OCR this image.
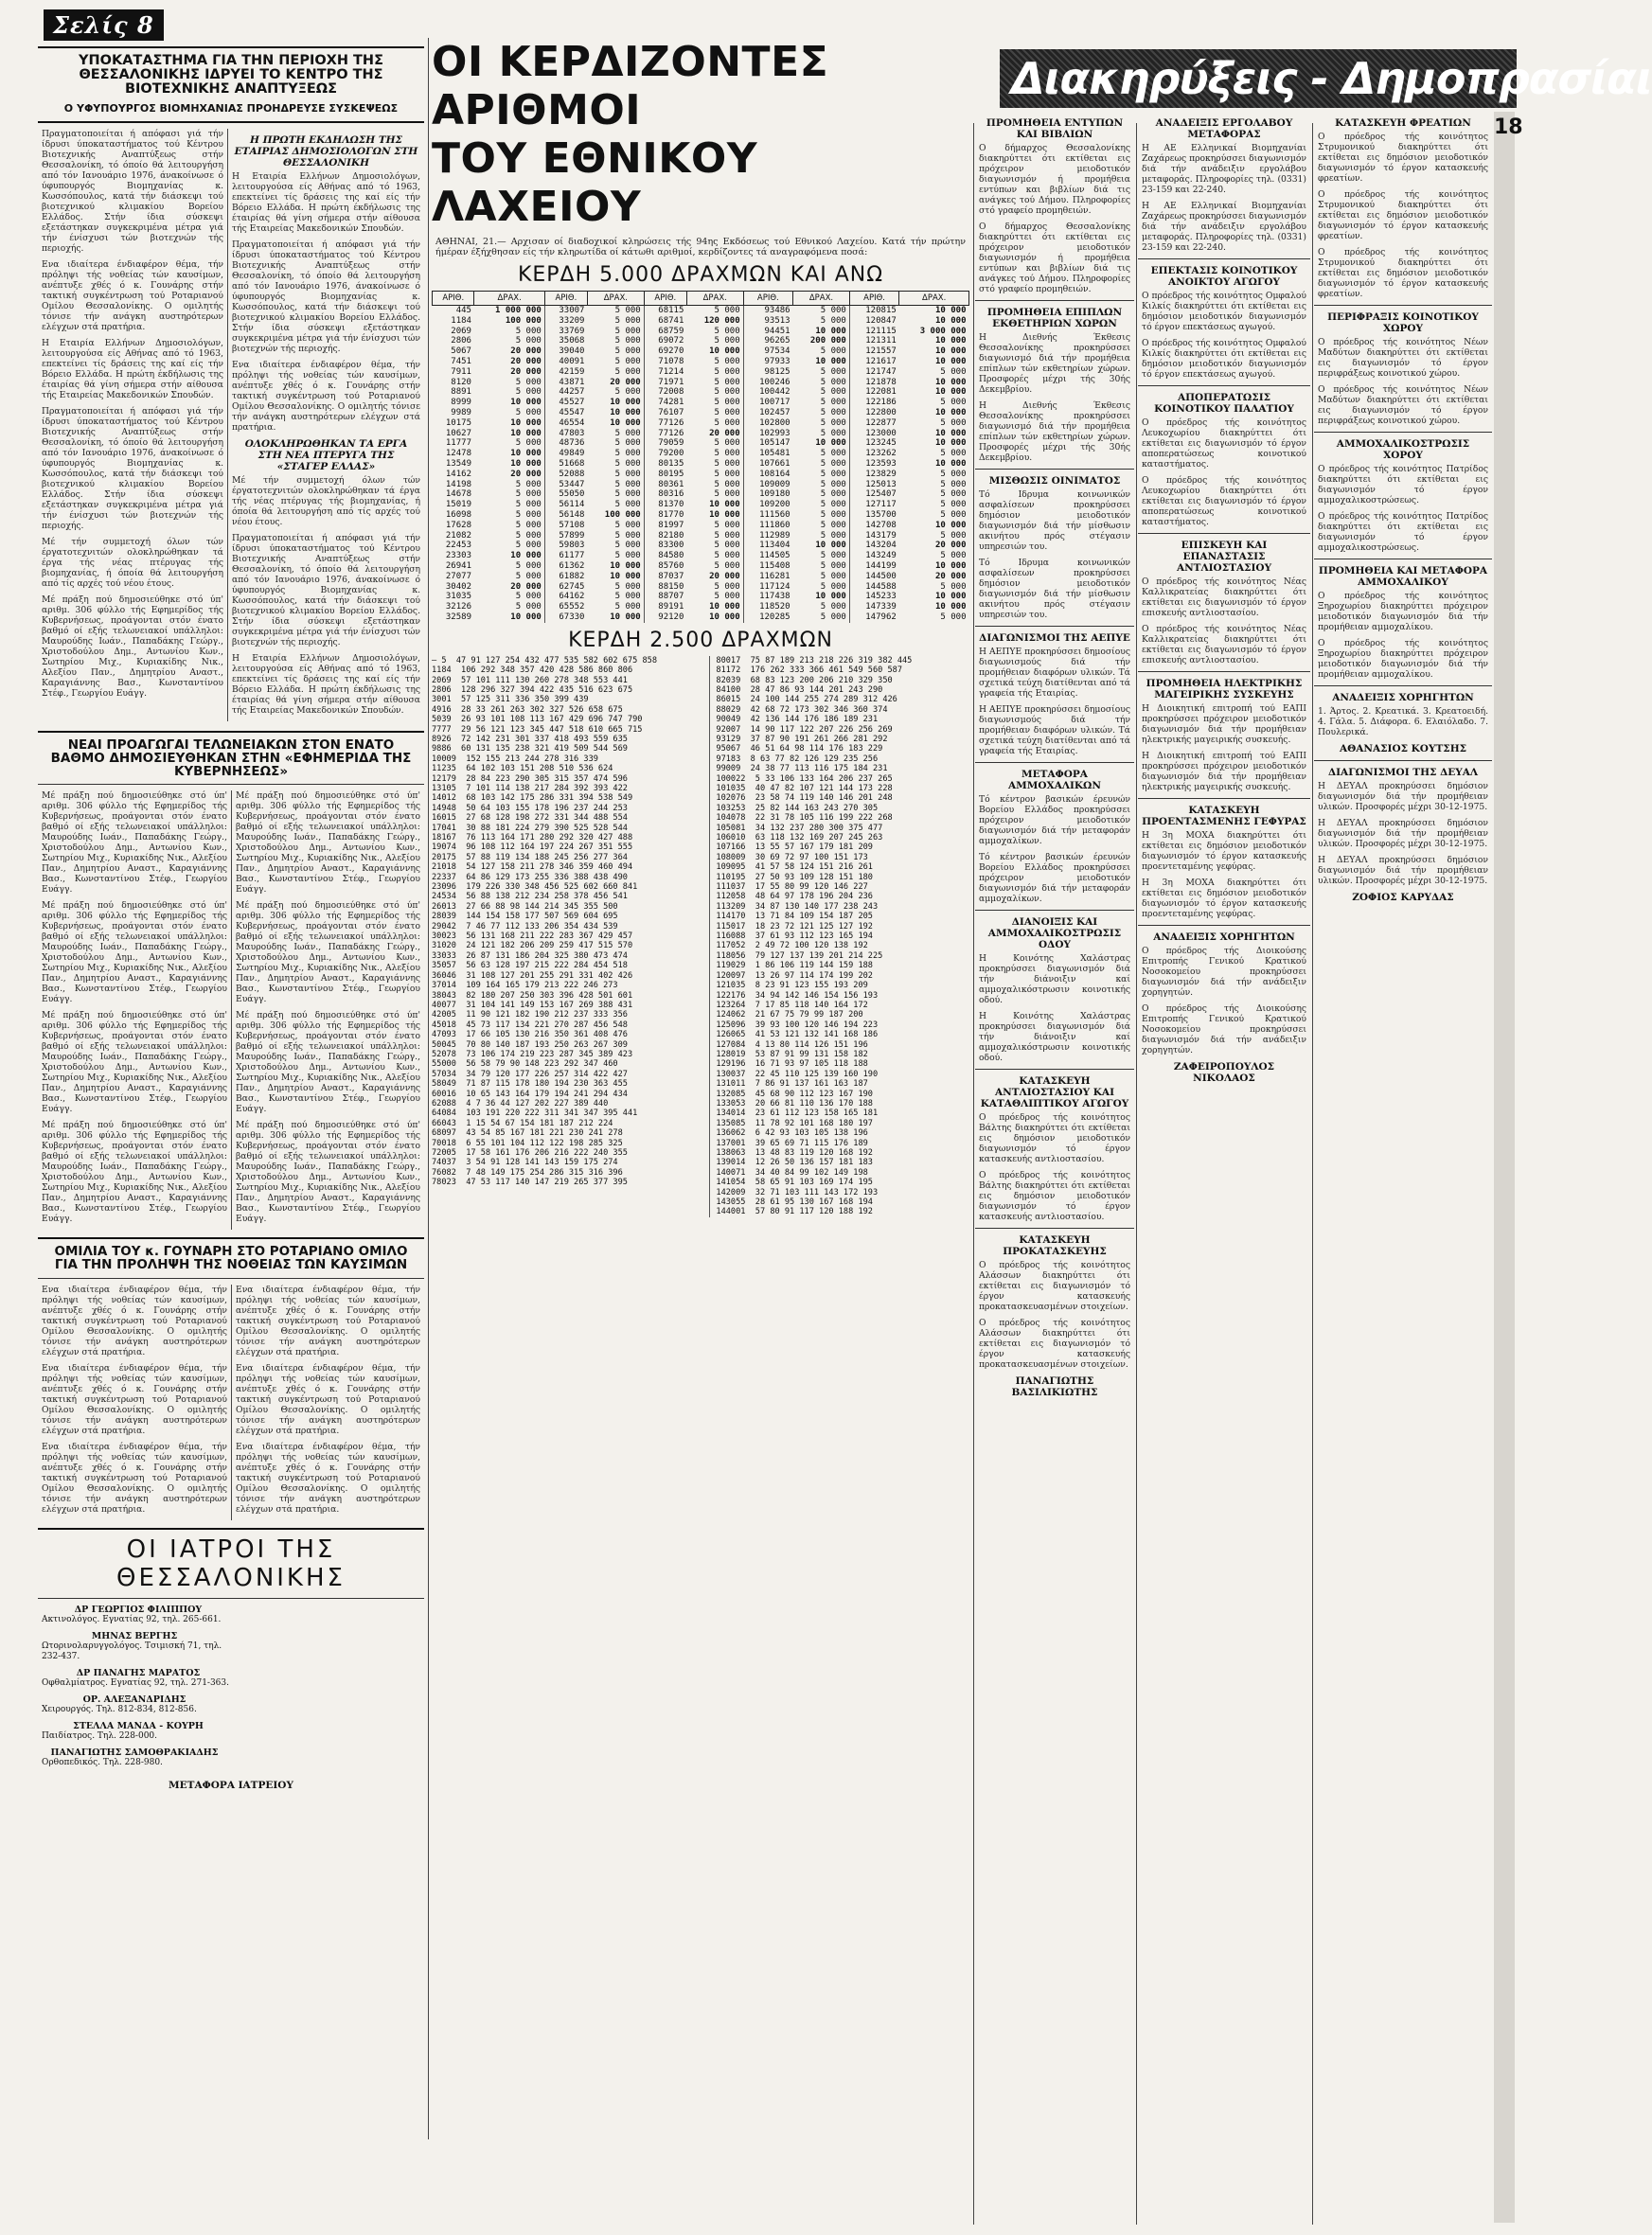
Σελίς 8
ΥΠΟΚΑΤΑΣΤΗΜΑ ΓΙΑ ΤΗΝ ΠΕΡΙΟΧΗ ΤΗΣ ΘΕΣΣΑΛΟΝΙΚΗΣ ΙΔΡΥΕΙ ΤΟ ΚΕΝΤΡΟ ΤΗΣ ΒΙΟΤΕΧΝΙΚΗΣ ΑΝΑΠΤΥΞΕΩΣ
Ο ΥΦΥΠΟΥΡΓΟΣ ΒΙΟΜΗΧΑΝΙΑΣ ΠΡΟΗΔΡΕΥΣΕ ΣΥΣΚΕΨΕΩΣ
Πραγματοποιείται ή απόφασι γιά τήν ίδρυσι ύποκαταστήματος τού Κέντρου Βιοτεχνικής Αναπτύξεως στήν Θεσσαλονίκη, τό όποίο θά λειτουργήση από τόν Ιανουάριο 1976, άνακοίνωσε ό ύφυπουργός Βιομηχανίας κ. Κωσσόπουλος, κατά τήν διάσκεψι τού βιοτεχνικού κλιμακίου Βορείου Ελλάδος. Στήν ίδια σύσκεψι εξετάστηκαν συγκεκριμένα μέτρα γιά τήν ένίσχυσι τών βιοτεχνών τής περιοχής.
Ενα ιδιαίτερα ένδιαφέρον θέμα, τήν πρόληψι τής νοθείας τών καυσίμων, ανέπτυξε χθές ό κ. Γουνάρης στήν τακτική συγκέντρωση τού Ροταριανού Ομίλου Θεσσαλονίκης. Ο ομιλητής τόνισε τήν ανάγκη αυστηρότερων ελέγχων στά πρατήρια.
Η Εταιρία Ελλήνων Δημοσιολόγων, λειτουργούσα είς Αθήνας από τό 1963, επεκτείνει τίς δράσεις της καί είς τήν Βόρειο Ελλάδα. Η πρώτη έκδήλωσις της έταιρίας θά γίνη σήμερα στήν αίθουσα τής Εταιρείας Μακεδονικών Σπουδών.
Πραγματοποιείται ή απόφασι γιά τήν ίδρυσι ύποκαταστήματος τού Κέντρου Βιοτεχνικής Αναπτύξεως στήν Θεσσαλονίκη, τό όποίο θά λειτουργήση από τόν Ιανουάριο 1976, άνακοίνωσε ό ύφυπουργός Βιομηχανίας κ. Κωσσόπουλος, κατά τήν διάσκεψι τού βιοτεχνικού κλιμακίου Βορείου Ελλάδος. Στήν ίδια σύσκεψι εξετάστηκαν συγκεκριμένα μέτρα γιά τήν ένίσχυσι τών βιοτεχνών τής περιοχής.
Μέ τήν συμμετοχή όλων τών έργατοτεχνιτών ολοκληρώθηκαν τά έργα τής νέας πτέρυγας τής βιομηχανίας, ή όποία θά λειτουργήση από τίς αρχές τού νέου έτους.
Μέ πράξη πού δημοσιεύθηκε στό ύπ' αριθμ. 306 φύλλο τής Εφημερίδος τής Κυβερνήσεως, προάγονται στόν ένατο βαθμό οί εξής τελωνειακοί υπάλληλοι: Μαυρούδης Ιωάν., Παπαδάκης Γεώργ., Χριστοδούλου Δημ., Αντωνίου Κων., Σωτηρίου Μιχ., Κυριακίδης Νικ., Αλεξίου Παν., Δημητρίου Αναστ., Καραγιάννης Βασ., Κωνσταντίνου Στέφ., Γεωργίου Ευάγγ.
Η ΠΡΩΤΗ ΕΚΔΗΛΩΣΗ ΤΗΣ ΕΤΑΙΡΙΑΣ ΔΗΜΟΣΙΟΛΟΓΩΝ ΣΤΗ ΘΕΣΣΑΛΟΝΙΚΗ
Η Εταιρία Ελλήνων Δημοσιολόγων, λειτουργούσα είς Αθήνας από τό 1963, επεκτείνει τίς δράσεις της καί είς τήν Βόρειο Ελλάδα. Η πρώτη έκδήλωσις της έταιρίας θά γίνη σήμερα στήν αίθουσα τής Εταιρείας Μακεδονικών Σπουδών.
Πραγματοποιείται ή απόφασι γιά τήν ίδρυσι ύποκαταστήματος τού Κέντρου Βιοτεχνικής Αναπτύξεως στήν Θεσσαλονίκη, τό όποίο θά λειτουργήση από τόν Ιανουάριο 1976, άνακοίνωσε ό ύφυπουργός Βιομηχανίας κ. Κωσσόπουλος, κατά τήν διάσκεψι τού βιοτεχνικού κλιμακίου Βορείου Ελλάδος. Στήν ίδια σύσκεψι εξετάστηκαν συγκεκριμένα μέτρα γιά τήν ένίσχυσι τών βιοτεχνών τής περιοχής.
Ενα ιδιαίτερα ένδιαφέρον θέμα, τήν πρόληψι τής νοθείας τών καυσίμων, ανέπτυξε χθές ό κ. Γουνάρης στήν τακτική συγκέντρωση τού Ροταριανού Ομίλου Θεσσαλονίκης. Ο ομιλητής τόνισε τήν ανάγκη αυστηρότερων ελέγχων στά πρατήρια.
ΟΛΟΚΛΗΡΩΘΗΚΑΝ ΤΑ ΕΡΓΑ ΣΤΗ ΝΕΑ ΠΤΕΡΥΓΑ ΤΗΣ «ΣΤΑΓΕΡ ΕΛΛΑΣ»
Μέ τήν συμμετοχή όλων τών έργατοτεχνιτών ολοκληρώθηκαν τά έργα τής νέας πτέρυγας τής βιομηχανίας, ή όποία θά λειτουργήση από τίς αρχές τού νέου έτους.
Πραγματοποιείται ή απόφασι γιά τήν ίδρυσι ύποκαταστήματος τού Κέντρου Βιοτεχνικής Αναπτύξεως στήν Θεσσαλονίκη, τό όποίο θά λειτουργήση από τόν Ιανουάριο 1976, άνακοίνωσε ό ύφυπουργός Βιομηχανίας κ. Κωσσόπουλος, κατά τήν διάσκεψι τού βιοτεχνικού κλιμακίου Βορείου Ελλάδος. Στήν ίδια σύσκεψι εξετάστηκαν συγκεκριμένα μέτρα γιά τήν ένίσχυσι τών βιοτεχνών τής περιοχής.
Η Εταιρία Ελλήνων Δημοσιολόγων, λειτουργούσα είς Αθήνας από τό 1963, επεκτείνει τίς δράσεις της καί είς τήν Βόρειο Ελλάδα. Η πρώτη έκδήλωσις της έταιρίας θά γίνη σήμερα στήν αίθουσα τής Εταιρείας Μακεδονικών Σπουδών.
ΝΕΑΙ ΠΡΟΑΓΩΓΑΙ ΤΕΛΩΝΕΙΑΚΩΝ ΣΤΟΝ ΕΝΑΤΟ ΒΑΘΜΟ ΔΗΜΟΣΙΕΥΘΗΚΑΝ ΣΤΗΝ «ΕΦΗΜΕΡΙΔΑ ΤΗΣ ΚΥΒΕΡΝΗΣΕΩΣ»
Μέ πράξη πού δημοσιεύθηκε στό ύπ' αριθμ. 306 φύλλο τής Εφημερίδος τής Κυβερνήσεως, προάγονται στόν ένατο βαθμό οί εξής τελωνειακοί υπάλληλοι: Μαυρούδης Ιωάν., Παπαδάκης Γεώργ., Χριστοδούλου Δημ., Αντωνίου Κων., Σωτηρίου Μιχ., Κυριακίδης Νικ., Αλεξίου Παν., Δημητρίου Αναστ., Καραγιάννης Βασ., Κωνσταντίνου Στέφ., Γεωργίου Ευάγγ.
Μέ πράξη πού δημοσιεύθηκε στό ύπ' αριθμ. 306 φύλλο τής Εφημερίδος τής Κυβερνήσεως, προάγονται στόν ένατο βαθμό οί εξής τελωνειακοί υπάλληλοι: Μαυρούδης Ιωάν., Παπαδάκης Γεώργ., Χριστοδούλου Δημ., Αντωνίου Κων., Σωτηρίου Μιχ., Κυριακίδης Νικ., Αλεξίου Παν., Δημητρίου Αναστ., Καραγιάννης Βασ., Κωνσταντίνου Στέφ., Γεωργίου Ευάγγ.
Μέ πράξη πού δημοσιεύθηκε στό ύπ' αριθμ. 306 φύλλο τής Εφημερίδος τής Κυβερνήσεως, προάγονται στόν ένατο βαθμό οί εξής τελωνειακοί υπάλληλοι: Μαυρούδης Ιωάν., Παπαδάκης Γεώργ., Χριστοδούλου Δημ., Αντωνίου Κων., Σωτηρίου Μιχ., Κυριακίδης Νικ., Αλεξίου Παν., Δημητρίου Αναστ., Καραγιάννης Βασ., Κωνσταντίνου Στέφ., Γεωργίου Ευάγγ.
Μέ πράξη πού δημοσιεύθηκε στό ύπ' αριθμ. 306 φύλλο τής Εφημερίδος τής Κυβερνήσεως, προάγονται στόν ένατο βαθμό οί εξής τελωνειακοί υπάλληλοι: Μαυρούδης Ιωάν., Παπαδάκης Γεώργ., Χριστοδούλου Δημ., Αντωνίου Κων., Σωτηρίου Μιχ., Κυριακίδης Νικ., Αλεξίου Παν., Δημητρίου Αναστ., Καραγιάννης Βασ., Κωνσταντίνου Στέφ., Γεωργίου Ευάγγ.
Μέ πράξη πού δημοσιεύθηκε στό ύπ' αριθμ. 306 φύλλο τής Εφημερίδος τής Κυβερνήσεως, προάγονται στόν ένατο βαθμό οί εξής τελωνειακοί υπάλληλοι: Μαυρούδης Ιωάν., Παπαδάκης Γεώργ., Χριστοδούλου Δημ., Αντωνίου Κων., Σωτηρίου Μιχ., Κυριακίδης Νικ., Αλεξίου Παν., Δημητρίου Αναστ., Καραγιάννης Βασ., Κωνσταντίνου Στέφ., Γεωργίου Ευάγγ.
Μέ πράξη πού δημοσιεύθηκε στό ύπ' αριθμ. 306 φύλλο τής Εφημερίδος τής Κυβερνήσεως, προάγονται στόν ένατο βαθμό οί εξής τελωνειακοί υπάλληλοι: Μαυρούδης Ιωάν., Παπαδάκης Γεώργ., Χριστοδούλου Δημ., Αντωνίου Κων., Σωτηρίου Μιχ., Κυριακίδης Νικ., Αλεξίου Παν., Δημητρίου Αναστ., Καραγιάννης Βασ., Κωνσταντίνου Στέφ., Γεωργίου Ευάγγ.
Μέ πράξη πού δημοσιεύθηκε στό ύπ' αριθμ. 306 φύλλο τής Εφημερίδος τής Κυβερνήσεως, προάγονται στόν ένατο βαθμό οί εξής τελωνειακοί υπάλληλοι: Μαυρούδης Ιωάν., Παπαδάκης Γεώργ., Χριστοδούλου Δημ., Αντωνίου Κων., Σωτηρίου Μιχ., Κυριακίδης Νικ., Αλεξίου Παν., Δημητρίου Αναστ., Καραγιάννης Βασ., Κωνσταντίνου Στέφ., Γεωργίου Ευάγγ.
Μέ πράξη πού δημοσιεύθηκε στό ύπ' αριθμ. 306 φύλλο τής Εφημερίδος τής Κυβερνήσεως, προάγονται στόν ένατο βαθμό οί εξής τελωνειακοί υπάλληλοι: Μαυρούδης Ιωάν., Παπαδάκης Γεώργ., Χριστοδούλου Δημ., Αντωνίου Κων., Σωτηρίου Μιχ., Κυριακίδης Νικ., Αλεξίου Παν., Δημητρίου Αναστ., Καραγιάννης Βασ., Κωνσταντίνου Στέφ., Γεωργίου Ευάγγ.
ΟΜΙΛΙΑ ΤΟΥ κ. ΓΟΥΝΑΡΗ ΣΤΟ ΡΟΤΑΡΙΑΝΟ ΟΜΙΛΟ ΓΙΑ ΤΗΝ ΠΡΟΛΗΨΗ ΤΗΣ ΝΟΘΕΙΑΣ ΤΩΝ ΚΑΥΣΙΜΩΝ
Ενα ιδιαίτερα ένδιαφέρον θέμα, τήν πρόληψι τής νοθείας τών καυσίμων, ανέπτυξε χθές ό κ. Γουνάρης στήν τακτική συγκέντρωση τού Ροταριανού Ομίλου Θεσσαλονίκης. Ο ομιλητής τόνισε τήν ανάγκη αυστηρότερων ελέγχων στά πρατήρια.
Ενα ιδιαίτερα ένδιαφέρον θέμα, τήν πρόληψι τής νοθείας τών καυσίμων, ανέπτυξε χθές ό κ. Γουνάρης στήν τακτική συγκέντρωση τού Ροταριανού Ομίλου Θεσσαλονίκης. Ο ομιλητής τόνισε τήν ανάγκη αυστηρότερων ελέγχων στά πρατήρια.
Ενα ιδιαίτερα ένδιαφέρον θέμα, τήν πρόληψι τής νοθείας τών καυσίμων, ανέπτυξε χθές ό κ. Γουνάρης στήν τακτική συγκέντρωση τού Ροταριανού Ομίλου Θεσσαλονίκης. Ο ομιλητής τόνισε τήν ανάγκη αυστηρότερων ελέγχων στά πρατήρια.
Ενα ιδιαίτερα ένδιαφέρον θέμα, τήν πρόληψι τής νοθείας τών καυσίμων, ανέπτυξε χθές ό κ. Γουνάρης στήν τακτική συγκέντρωση τού Ροταριανού Ομίλου Θεσσαλονίκης. Ο ομιλητής τόνισε τήν ανάγκη αυστηρότερων ελέγχων στά πρατήρια.
Ενα ιδιαίτερα ένδιαφέρον θέμα, τήν πρόληψι τής νοθείας τών καυσίμων, ανέπτυξε χθές ό κ. Γουνάρης στήν τακτική συγκέντρωση τού Ροταριανού Ομίλου Θεσσαλονίκης. Ο ομιλητής τόνισε τήν ανάγκη αυστηρότερων ελέγχων στά πρατήρια.
Ενα ιδιαίτερα ένδιαφέρον θέμα, τήν πρόληψι τής νοθείας τών καυσίμων, ανέπτυξε χθές ό κ. Γουνάρης στήν τακτική συγκέντρωση τού Ροταριανού Ομίλου Θεσσαλονίκης. Ο ομιλητής τόνισε τήν ανάγκη αυστηρότερων ελέγχων στά πρατήρια.
ΟΙ ΙΑΤΡΟΙ ΤΗΣ ΘΕΣΣΑΛΟΝΙΚΗΣ
ΔΡ ΓΕΩΡΓΙΟΣ ΦΙΛΙΠΠΟΥ
Ακτινολόγος. Εγνατίας 92, τηλ. 265-661.
ΜΗΝΑΣ ΒΕΡΓΗΣ
Ωτορινολαρυγγολόγος. Τσιμισκή 71, τηλ. 232-437.
ΔΡ ΠΑΝΑΓΗΣ ΜΑΡΑΤΟΣ
Οφθαλμίατρος. Εγνατίας 92, τηλ. 271-363.
ΟΡ. ΑΛΕΞΑΝΔΡΙΔΗΣ
Χειρουργός. Τηλ. 812-834, 812-856.
ΣΤΕΛΛΑ ΜΑΝΔΑ - ΚΟΥΡΗ
Παιδίατρος. Τηλ. 228-000.
ΠΑΝΑΓΙΩΤΗΣ ΣΑΜΟΘΡΑΚΙΑΔΗΣ
Ορθοπεδικός. Τηλ. 228-980.
ΜΕΤΑΦΟΡΑ ΙΑΤΡΕΙΟΥ
ΟΙ ΚΕΡΔΙΖΟΝΤΕΣ ΑΡΙΘΜΟΙ
ΤΟΥ ΕΘΝΙΚΟΥ ΛΑΧΕΙΟΥ
ΑΘΗΝΑΙ, 21.— Αρχισαν οί διαδοχικοί κληρώσεις τής 94ης Εκδόσεως τού Εθνικού Λαχείου. Κατά τήν πρώτην ήμέραν έξήχθησαν είς τήν κληρωτίδα οί κάτωθι αριθμοί, κερδίζοντες τά αναγραφόμενα ποσά:
ΚΕΡΔΗ 5.000 ΔΡΑΧΜΩΝ ΚΑΙ ΑΝΩ
ΑΡΙΘ.	ΔΡΑΧ.	ΑΡΙΘ.	ΔΡΑΧ.	ΑΡΙΘ.	ΔΡΑΧ.	ΑΡΙΘ.	ΔΡΑΧ.	ΑΡΙΘ.	ΔΡΑΧ.
445	1 000 000	33007	5 000	68115	5 000	93486	5 000	120815	10 000
1184	100 000	33209	5 000	68741	120 000	93513	5 000	120847	10 000
2069	5 000	33769	5 000	68759	5 000	94451	10 000	121115	3 000 000
2806	5 000	35068	5 000	69072	5 000	96265	200 000	121311	10 000
5067	20 000	39040	5 000	69270	10 000	97534	5 000	121557	10 000
7451	20 000	40091	5 000	71078	5 000	97933	10 000	121617	10 000
7911	20 000	42159	5 000	71214	5 000	98125	5 000	121747	5 000
8120	5 000	43871	20 000	71971	5 000	100246	5 000	121878	10 000
8891	5 000	44257	5 000	72008	5 000	100442	5 000	122081	10 000
8999	10 000	45527	10 000	74281	5 000	100717	5 000	122186	5 000
9989	5 000	45547	10 000	76107	5 000	102457	5 000	122800	10 000
10175	10 000	46554	10 000	77126	5 000	102800	5 000	122877	5 000
10627	10 000	47803	5 000	77126	20 000	102993	5 000	123000	10 000
11777	5 000	48736	5 000	79059	5 000	105147	10 000	123245	10 000
12478	10 000	49849	5 000	79200	5 000	105481	5 000	123262	5 000
13549	10 000	51668	5 000	80135	5 000	107661	5 000	123593	10 000
14162	20 000	52088	5 000	80195	5 000	108164	5 000	123829	5 000
14198	5 000	53447	5 000	80361	5 000	109009	5 000	125013	5 000
14678	5 000	55050	5 000	80316	5 000	109180	5 000	125407	5 000
15019	5 000	56114	5 000	81370	10 000	109200	5 000	127117	5 000
16098	5 000	56148	100 000	81770	10 000	111560	5 000	135700	5 000
17628	5 000	57108	5 000	81997	5 000	111860	5 000	142708	10 000
21082	5 000	57899	5 000	82180	5 000	112989	5 000	143179	5 000
22453	5 000	59803	5 000	83300	5 000	113404	10 000	143204	20 000
23303	10 000	61177	5 000	84580	5 000	114505	5 000	143249	5 000
26941	5 000	61362	10 000	85760	5 000	115408	5 000	144199	10 000
27077	5 000	61882	10 000	87037	20 000	116281	5 000	144500	20 000
30402	20 000	62745	5 000	88150	5 000	117124	5 000	144588	5 000
31035	5 000	64162	5 000	88707	5 000	117438	10 000	145233	10 000
32126	5 000	65552	5 000	89191	10 000	118520	5 000	147339	10 000
32589	10 000	67330	10 000	92120	10 000	120285	5 000	147962	5 000
ΚΕΡΔΗ 2.500 ΔΡΑΧΜΩΝ
— 5  47 91 127 254 432 477 535 582 602 675 858
1184  106 292 348 357 420 428 586 860 806
2069  57 101 111 130 260 278 348 553 441
2806  128 296 327 394 422 435 516 623 675
3001  57 125 311 336 350 399 439
4916  28 33 261 263 302 327 526 658 675
5039  26 93 101 108 113 167 429 696 747 790
7777  29 56 121 123 345 447 518 610 665 715
8926  72 142 231 301 337 418 493 559 635
9886  60 131 135 238 321 419 509 544 569
10009  152 155 213 244 278 316 339
11235  64 102 103 151 208 510 536 624
12179  28 84 223 290 305 315 357 474 596
13105  7 101 114 138 217 284 392 393 422
14012  68 103 142 175 286 331 394 538 549
14948  50 64 103 155 178 196 237 244 253
16015  27 68 128 198 272 331 344 488 554
17041  30 88 181 224 279 390 525 528 544
18167  76 113 164 171 280 292 320 427 488
19074  96 108 112 164 197 224 267 351 555
20175  57 88 119 134 188 245 256 277 364
21018  54 127 158 211 278 346 359 460 494
22337  64 86 129 173 255 336 388 438 490
23096  179 226 330 348 456 525 602 660 841
24534  56 88 138 212 234 258 378 456 541
26013  27 66 88 98 144 214 345 355 500
28039  144 154 158 177 507 569 604 695
29042  7 46 77 112 133 206 354 434 539
30023  56 131 168 211 222 283 367 429 457
31020  24 121 182 206 209 259 417 515 570
33033  26 87 131 186 204 325 380 473 474
35057  56 63 128 197 215 222 284 454 518
36046  31 108 127 201 255 291 331 402 426
37014  109 164 165 179 213 222 246 273
38043  82 180 207 250 303 396 428 501 601
40077  31 104 141 149 153 167 269 388 431
42005  11 90 121 182 190 212 237 333 356
45018  45 73 117 134 221 270 287 456 548
47093  17 66 105 130 216 350 361 408 476
50045  70 80 140 187 193 250 263 267 309
52078  73 106 174 219 223 287 345 389 423
55000  56 58 79 90 148 223 292 347 460
57034  34 79 120 177 226 257 314 422 427
58049  71 87 115 178 180 194 230 363 455
60016  10 65 143 164 179 194 241 294 434
62088  4 7 36 44 127 202 227 389 440
64084  103 191 220 222 311 341 347 395 441
66043  1 15 54 67 154 181 187 212 224
68097  43 54 85 167 181 221 230 241 278
70018  6 55 101 104 112 122 198 285 325
72005  17 58 161 176 206 216 222 240 355
74037  3 54 91 128 141 143 159 175 274
76082  7 48 149 175 254 286 315 316 396
78023  47 53 117 140 147 219 265 377 395
80017  75 87 189 213 218 226 319 382 445
81172  176 262 333 366 461 549 560 587
82039  68 83 123 200 206 210 329 350
84100  28 47 86 93 144 201 243 290
86015  24 100 144 255 274 289 312 426
88029  42 68 72 173 302 346 360 374
90049  42 136 144 176 186 189 231
92007  14 90 117 122 207 226 256 269
93129  37 87 90 191 261 266 281 292
95067  46 51 64 98 114 176 183 229
97183  8 63 77 82 126 129 235 256
99009  24 38 77 113 116 175 184 231
100022  5 33 106 133 164 206 237 265
101035  40 47 82 107 121 144 173 228
102076  23 58 74 119 140 146 201 248
103253  25 82 144 163 243 270 305
104078  22 31 78 105 116 199 222 268
105081  34 132 237 280 300 375 477
106010  63 118 132 169 207 245 263
107166  13 55 57 167 179 181 209
108009  30 69 72 97 100 151 173
109095  41 57 58 124 151 216 261
110195  27 50 93 109 128 151 180
111037  17 55 80 99 120 146 227
112058  48 64 97 178 196 204 236
113209  34 87 130 140 177 238 243
114170  13 71 84 109 154 187 205
115017  18 23 72 121 125 127 192
116088  37 61 93 112 123 165 194
117052  2 49 72 100 120 138 192
118056  79 127 137 139 201 214 225
119029  1 86 106 119 144 159 188
120097  13 26 97 114 174 199 202
121035  8 23 91 123 155 193 209
122176  34 94 142 146 154 156 193
123264  7 17 85 118 140 164 172
124062  21 67 75 79 99 187 200
125096  39 93 100 120 146 194 223
126065  41 53 121 132 141 168 186
127084  4 13 80 114 126 151 196
128019  53 87 91 99 131 158 182
129196  16 71 93 97 105 118 188
130037  22 45 110 125 139 160 190
131011  7 86 91 137 161 163 187
132085  45 68 90 112 123 167 190
133053  20 66 81 110 136 170 188
134014  23 61 112 123 158 165 181
135085  11 78 92 101 168 180 197
136062  6 42 93 103 105 138 196
137001  39 65 69 71 115 176 189
138063  13 48 83 119 120 168 192
139014  12 26 50 136 157 181 183
140071  34 40 84 99 102 149 198
141054  58 65 91 103 169 174 195
142009  32 71 103 111 143 172 193
143055  28 61 95 130 167 168 194
144001  57 80 91 117 120 188 192
Διακηρύξεις - Δημοπρασίαι
ΠΡΟΜΗΘΕΙΑ ΕΝΤΥΠΩΝ ΚΑΙ ΒΙΒΛΙΩΝ
Ο δήμαρχος Θεσσαλονίκης διακηρύττει ότι εκτίθεται εις πρόχειρον μειοδοτικόν διαγωνισμόν ή προμήθεια εντύπων και βιβλίων διά τις ανάγκες τού Δήμου. Πληροφορίες στό γραφείο προμηθειών.
Ο δήμαρχος Θεσσαλονίκης διακηρύττει ότι εκτίθεται εις πρόχειρον μειοδοτικόν διαγωνισμόν ή προμήθεια εντύπων και βιβλίων διά τις ανάγκες τού Δήμου. Πληροφορίες στό γραφείο προμηθειών.
ΠΡΟΜΗΘΕΙΑ ΕΠΙΠΛΩΝ ΕΚΘΕΤΗΡΙΩΝ ΧΩΡΩΝ
Η Διεθνής Έκθεσις Θεσσαλονίκης προκηρύσσει διαγωνισμό διά τήν προμήθεια επίπλων τών εκθετηρίων χώρων. Προσφορές μέχρι τής 30ής Δεκεμβρίου.
Η Διεθνής Έκθεσις Θεσσαλονίκης προκηρύσσει διαγωνισμό διά τήν προμήθεια επίπλων τών εκθετηρίων χώρων. Προσφορές μέχρι τής 30ής Δεκεμβρίου.
ΜΙΣΘΩΣΙΣ ΟΙΝΙΜΑΤΟΣ
Τό Ιδρυμα κοινωνικών ασφαλίσεων προκηρύσσει δημόσιον μειοδοτικόν διαγωνισμόν διά τήν μίσθωσιν ακινήτου πρός στέγασιν υπηρεσιών του.
Τό Ιδρυμα κοινωνικών ασφαλίσεων προκηρύσσει δημόσιον μειοδοτικόν διαγωνισμόν διά τήν μίσθωσιν ακινήτου πρός στέγασιν υπηρεσιών του.
ΔΙΑΓΩΝΙΣΜΟΙ ΤΗΣ ΑΕΠΥΕ
Η ΑΕΠΥΕ προκηρύσσει δημοσίους διαγωνισμούς διά τήν προμήθειαν διαφόρων υλικών. Τά σχετικά τεύχη διατίθενται από τά γραφεία τής Εταιρίας.
Η ΑΕΠΥΕ προκηρύσσει δημοσίους διαγωνισμούς διά τήν προμήθειαν διαφόρων υλικών. Τά σχετικά τεύχη διατίθενται από τά γραφεία τής Εταιρίας.
ΜΕΤΑΦΟΡΑ ΑΜΜΟΧΑΛΙΚΩΝ
Τό κέντρον βασικών έρευνών Βορείου Ελλάδος προκηρύσσει πρόχειρον μειοδοτικόν διαγωνισμόν διά τήν μεταφοράν αμμοχαλίκων.
Τό κέντρον βασικών έρευνών Βορείου Ελλάδος προκηρύσσει πρόχειρον μειοδοτικόν διαγωνισμόν διά τήν μεταφοράν αμμοχαλίκων.
ΔΙΑΝΟΙΞΙΣ ΚΑΙ ΑΜΜΟΧΑΛΙΚΟΣΤΡΩΣΙΣ ΟΔΟΥ
Η Κοινότης Χαλάστρας προκηρύσσει διαγωνισμόν διά τήν διάνοιξιν καί αμμοχαλικόστρωσιν κοινοτικής οδού.
Η Κοινότης Χαλάστρας προκηρύσσει διαγωνισμόν διά τήν διάνοιξιν καί αμμοχαλικόστρωσιν κοινοτικής οδού.
ΚΑΤΑΣΚΕΥΗ ΑΝΤΛΙΟΣΤΑΣΙΟΥ ΚΑΙ ΚΑΤΑΘΛΙΠΤΙΚΟΥ ΑΓΩΓΟΥ
Ο πρόεδρος τής κοινότητος Βάλτης διακηρύττει ότι εκτίθεται εις δημόσιον μειοδοτικόν διαγωνισμόν τό έργον κατασκευής αντλιοστασίου.
Ο πρόεδρος τής κοινότητος Βάλτης διακηρύττει ότι εκτίθεται εις δημόσιον μειοδοτικόν διαγωνισμόν τό έργον κατασκευής αντλιοστασίου.
ΚΑΤΑΣΚΕΥΗ ΠΡΟΚΑΤΑΣΚΕΥΗΣ
Ο πρόεδρος τής κοινότητος Αλάσσων διακηρύττει ότι εκτίθεται εις διαγωνισμόν τό έργον κατασκευής προκατασκευασμένων στοιχείων.
Ο πρόεδρος τής κοινότητος Αλάσσων διακηρύττει ότι εκτίθεται εις διαγωνισμόν τό έργον κατασκευής προκατασκευασμένων στοιχείων.
ΠΑΝΑΓΙΩΤΗΣ ΒΑΣΙΛΙΚΙΩΤΗΣ
ΑΝΑΔΕΙΞΙΣ ΕΡΓΟΛΑΒΟΥ ΜΕΤΑΦΟΡΑΣ
Η ΑΕ Ελληνικαί Βιομηχανίαι Ζαχάρεως προκηρύσσει διαγωνισμόν διά τήν ανάδειξιν εργολάβου μεταφοράς. Πληροφορίες τηλ. (0331) 23-159 και 22-240.
Η ΑΕ Ελληνικαί Βιομηχανίαι Ζαχάρεως προκηρύσσει διαγωνισμόν διά τήν ανάδειξιν εργολάβου μεταφοράς. Πληροφορίες τηλ. (0331) 23-159 και 22-240.
ΕΠΕΚΤΑΣΙΣ ΚΟΙΝΟΤΙΚΟΥ ΑΝΟΙΚΤΟΥ ΑΓΩΓΟΥ
Ο πρόεδρος τής κοινότητος Ομφαλού Κιλκίς διακηρύττει ότι εκτίθεται εις δημόσιον μειοδοτικόν διαγωνισμόν τό έργον επεκτάσεως αγωγού.
Ο πρόεδρος τής κοινότητος Ομφαλού Κιλκίς διακηρύττει ότι εκτίθεται εις δημόσιον μειοδοτικόν διαγωνισμόν τό έργον επεκτάσεως αγωγού.
ΑΠΟΠΕΡΑΤΩΣΙΣ ΚΟΙΝΟΤΙΚΟΥ ΠΑΛΑΤΙΟΥ
Ο πρόεδρος τής κοινότητος Λευκοχωρίου διακηρύττει ότι εκτίθεται εις διαγωνισμόν τό έργον αποπερατώσεως κοινοτικού καταστήματος.
Ο πρόεδρος τής κοινότητος Λευκοχωρίου διακηρύττει ότι εκτίθεται εις διαγωνισμόν τό έργον αποπερατώσεως κοινοτικού καταστήματος.
ΕΠΙΣΚΕΥΗ ΚΑΙ ΕΠΑΝΑΣΤΑΣΙΣ ΑΝΤΛΙΟΣΤΑΣΙΟΥ
Ο πρόεδρος τής κοινότητος Νέας Καλλικρατείας διακηρύττει ότι εκτίθεται εις διαγωνισμόν τό έργον επισκευής αντλιοστασίου.
Ο πρόεδρος τής κοινότητος Νέας Καλλικρατείας διακηρύττει ότι εκτίθεται εις διαγωνισμόν τό έργον επισκευής αντλιοστασίου.
ΠΡΟΜΗΘΕΙΑ ΗΛΕΚΤΡΙΚΗΣ ΜΑΓΕΙΡΙΚΗΣ ΣΥΣΚΕΥΗΣ
Η Διοικητική επιτροπή τού ΕΑΠΙ προκηρύσσει πρόχειρον μειοδοτικόν διαγωνισμόν διά τήν προμήθειαν ηλεκτρικής μαγειρικής συσκευής.
Η Διοικητική επιτροπή τού ΕΑΠΙ προκηρύσσει πρόχειρον μειοδοτικόν διαγωνισμόν διά τήν προμήθειαν ηλεκτρικής μαγειρικής συσκευής.
ΚΑΤΑΣΚΕΥΗ ΠΡΟΕΝΤΑΣΜΕΝΗΣ ΓΕΦΥΡΑΣ
Η 3η ΜΟΧΑ διακηρύττει ότι εκτίθεται εις δημόσιον μειοδοτικόν διαγωνισμόν τό έργον κατασκευής προεντεταμένης γεφύρας.
Η 3η ΜΟΧΑ διακηρύττει ότι εκτίθεται εις δημόσιον μειοδοτικόν διαγωνισμόν τό έργον κατασκευής προεντεταμένης γεφύρας.
ΑΝΑΔΕΙΞΙΣ ΧΟΡΗΓΗΤΩΝ
Ο πρόεδρος τής Διοικούσης Επιτροπής Γενικού Κρατικού Νοσοκομείου προκηρύσσει διαγωνισμόν διά τήν ανάδειξιν χορηγητών.
Ο πρόεδρος τής Διοικούσης Επιτροπής Γενικού Κρατικού Νοσοκομείου προκηρύσσει διαγωνισμόν διά τήν ανάδειξιν χορηγητών.
ΖΑΦΕΙΡΟΠΟΥΛΟΣ ΝΙΚΟΛΑΟΣ
ΚΑΤΑΣΚΕΥΗ ΦΡΕΑΤΙΩΝ
Ο πρόεδρος τής κοινότητος Στρυμονικού διακηρύττει ότι εκτίθεται εις δημόσιον μειοδοτικόν διαγωνισμόν τό έργον κατασκευής φρεατίων.
Ο πρόεδρος τής κοινότητος Στρυμονικού διακηρύττει ότι εκτίθεται εις δημόσιον μειοδοτικόν διαγωνισμόν τό έργον κατασκευής φρεατίων.
Ο πρόεδρος τής κοινότητος Στρυμονικού διακηρύττει ότι εκτίθεται εις δημόσιον μειοδοτικόν διαγωνισμόν τό έργον κατασκευής φρεατίων.
ΠΕΡΙΦΡΑΞΙΣ ΚΟΙΝΟΤΙΚΟΥ ΧΩΡΟΥ
Ο πρόεδρος τής κοινότητος Νέων Μαδύτων διακηρύττει ότι εκτίθεται εις διαγωνισμόν τό έργον περιφράξεως κοινοτικού χώρου.
Ο πρόεδρος τής κοινότητος Νέων Μαδύτων διακηρύττει ότι εκτίθεται εις διαγωνισμόν τό έργον περιφράξεως κοινοτικού χώρου.
ΑΜΜΟΧΑΛΙΚΟΣΤΡΩΣΙΣ ΧΟΡΟΥ
Ο πρόεδρος τής κοινότητος Πατρίδος διακηρύττει ότι εκτίθεται εις διαγωνισμόν τό έργον αμμοχαλικοστρώσεως.
Ο πρόεδρος τής κοινότητος Πατρίδος διακηρύττει ότι εκτίθεται εις διαγωνισμόν τό έργον αμμοχαλικοστρώσεως.
ΠΡΟΜΗΘΕΙΑ ΚΑΙ ΜΕΤΑΦΟΡΑ ΑΜΜΟΧΑΛΙΚΟΥ
Ο πρόεδρος τής κοινότητος Ξηροχωρίου διακηρύττει πρόχειρον μειοδοτικόν διαγωνισμόν διά τήν προμήθειαν αμμοχαλίκου.
Ο πρόεδρος τής κοινότητος Ξηροχωρίου διακηρύττει πρόχειρον μειοδοτικόν διαγωνισμόν διά τήν προμήθειαν αμμοχαλίκου.
ΑΝΑΔΕΙΞΙΣ ΧΟΡΗΓΗΤΩΝ
1. Άρτος. 2. Κρεατικά. 3. Κρεατοειδή. 4. Γάλα. 5. Διάφορα. 6. Ελαιόλαδο. 7. Πουλερικά.
ΑΘΑΝΑΣΙΟΣ ΚΟΥΤΣΗΣ
ΔΙΑΓΩΝΙΣΜΟΙ ΤΗΣ ΔΕΥΑΛ
Η ΔΕΥΑΛ προκηρύσσει δημόσιον διαγωνισμόν διά τήν προμήθειαν υλικών. Προσφορές μέχρι 30-12-1975.
Η ΔΕΥΑΛ προκηρύσσει δημόσιον διαγωνισμόν διά τήν προμήθειαν υλικών. Προσφορές μέχρι 30-12-1975.
Η ΔΕΥΑΛ προκηρύσσει δημόσιον διαγωνισμόν διά τήν προμήθειαν υλικών. Προσφορές μέχρι 30-12-1975.
ΖΟΦΙΟΣ ΚΑΡΥΔΑΣ
18
